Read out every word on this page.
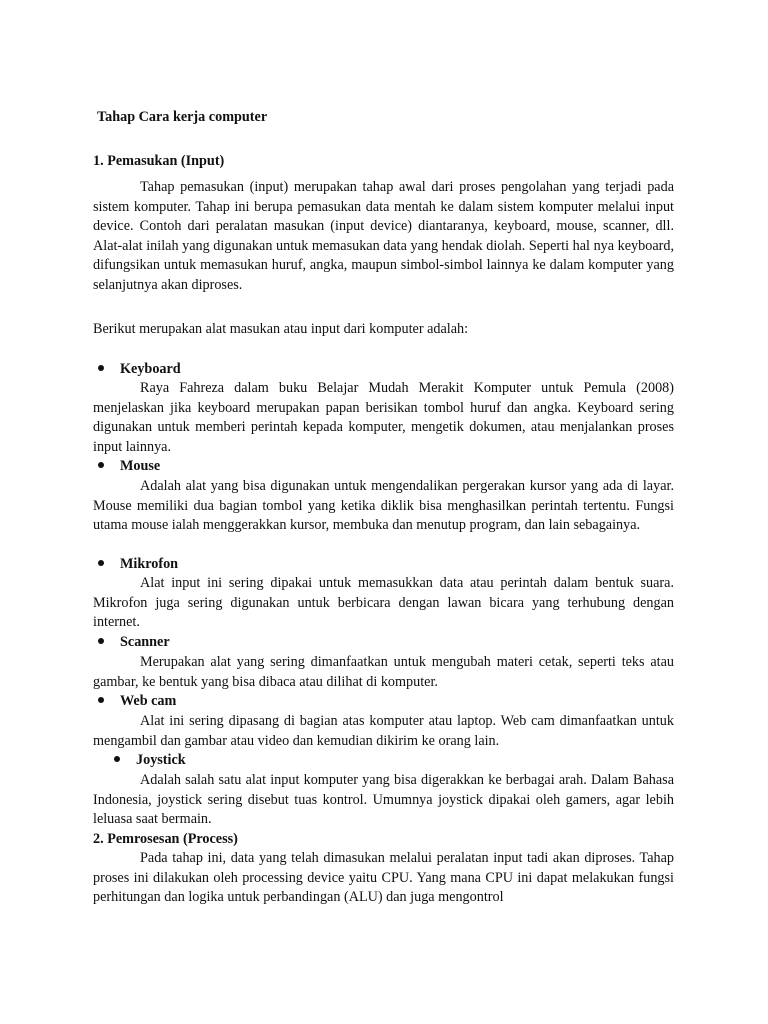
Tahap Cara kerja computer
1. Pemasukan (Input)

Tahap pemasukan (input) merupakan tahap awal dari proses pengolahan yang terjadi pada sistem komputer. Tahap ini berupa pemasukan data mentah ke dalam sistem komputer melalui input device. Contoh dari peralatan masukan (input device) diantaranya, keyboard, mouse, scanner, dll. Alat-alat inilah yang digunakan untuk memasukan data yang hendak diolah. Seperti hal nya keyboard, difungsikan untuk memasukan huruf, angka, maupun simbol-simbol lainnya ke dalam komputer yang selanjutnya akan diproses.

Berikut merupakan alat masukan atau input dari komputer adalah:
Keyboard

Raya Fahreza dalam buku Belajar Mudah Merakit Komputer untuk Pemula (2008) menjelaskan jika keyboard merupakan papan berisikan tombol huruf dan angka. Keyboard sering digunakan untuk memberi perintah kepada komputer, mengetik dokumen, atau menjalankan proses input lainnya.

Mouse

Adalah alat yang bisa digunakan untuk mengendalikan pergerakan kursor yang ada di layar. Mouse memiliki dua bagian tombol yang ketika diklik bisa menghasilkan perintah tertentu. Fungsi utama mouse ialah menggerakkan kursor, membuka dan menutup program, dan lain sebagainya.

Mikrofon

Alat input ini sering dipakai untuk memasukkan data atau perintah dalam bentuk suara. Mikrofon juga sering digunakan untuk berbicara dengan lawan bicara yang terhubung dengan internet.

Scanner

Merupakan alat yang sering dimanfaatkan untuk mengubah materi cetak, seperti teks atau gambar, ke bentuk yang bisa dibaca atau dilihat di komputer.

Web cam

Alat ini sering dipasang di bagian atas komputer atau laptop. Web cam dimanfaatkan untuk mengambil dan gambar atau video dan kemudian dikirim ke orang lain.

Joystick

Adalah salah satu alat input komputer yang bisa digerakkan ke berbagai arah. Dalam Bahasa Indonesia, joystick sering disebut tuas kontrol. Umumnya joystick dipakai oleh gamers, agar lebih leluasa saat bermain.

2. Pemrosesan (Process)

Pada tahap ini, data yang telah dimasukan melalui peralatan input tadi akan diproses. Tahap proses ini dilakukan oleh processing device yaitu CPU. Yang mana CPU ini dapat melakukan fungsi perhitungan dan logika untuk perbandingan (ALU) dan juga mengontrol
